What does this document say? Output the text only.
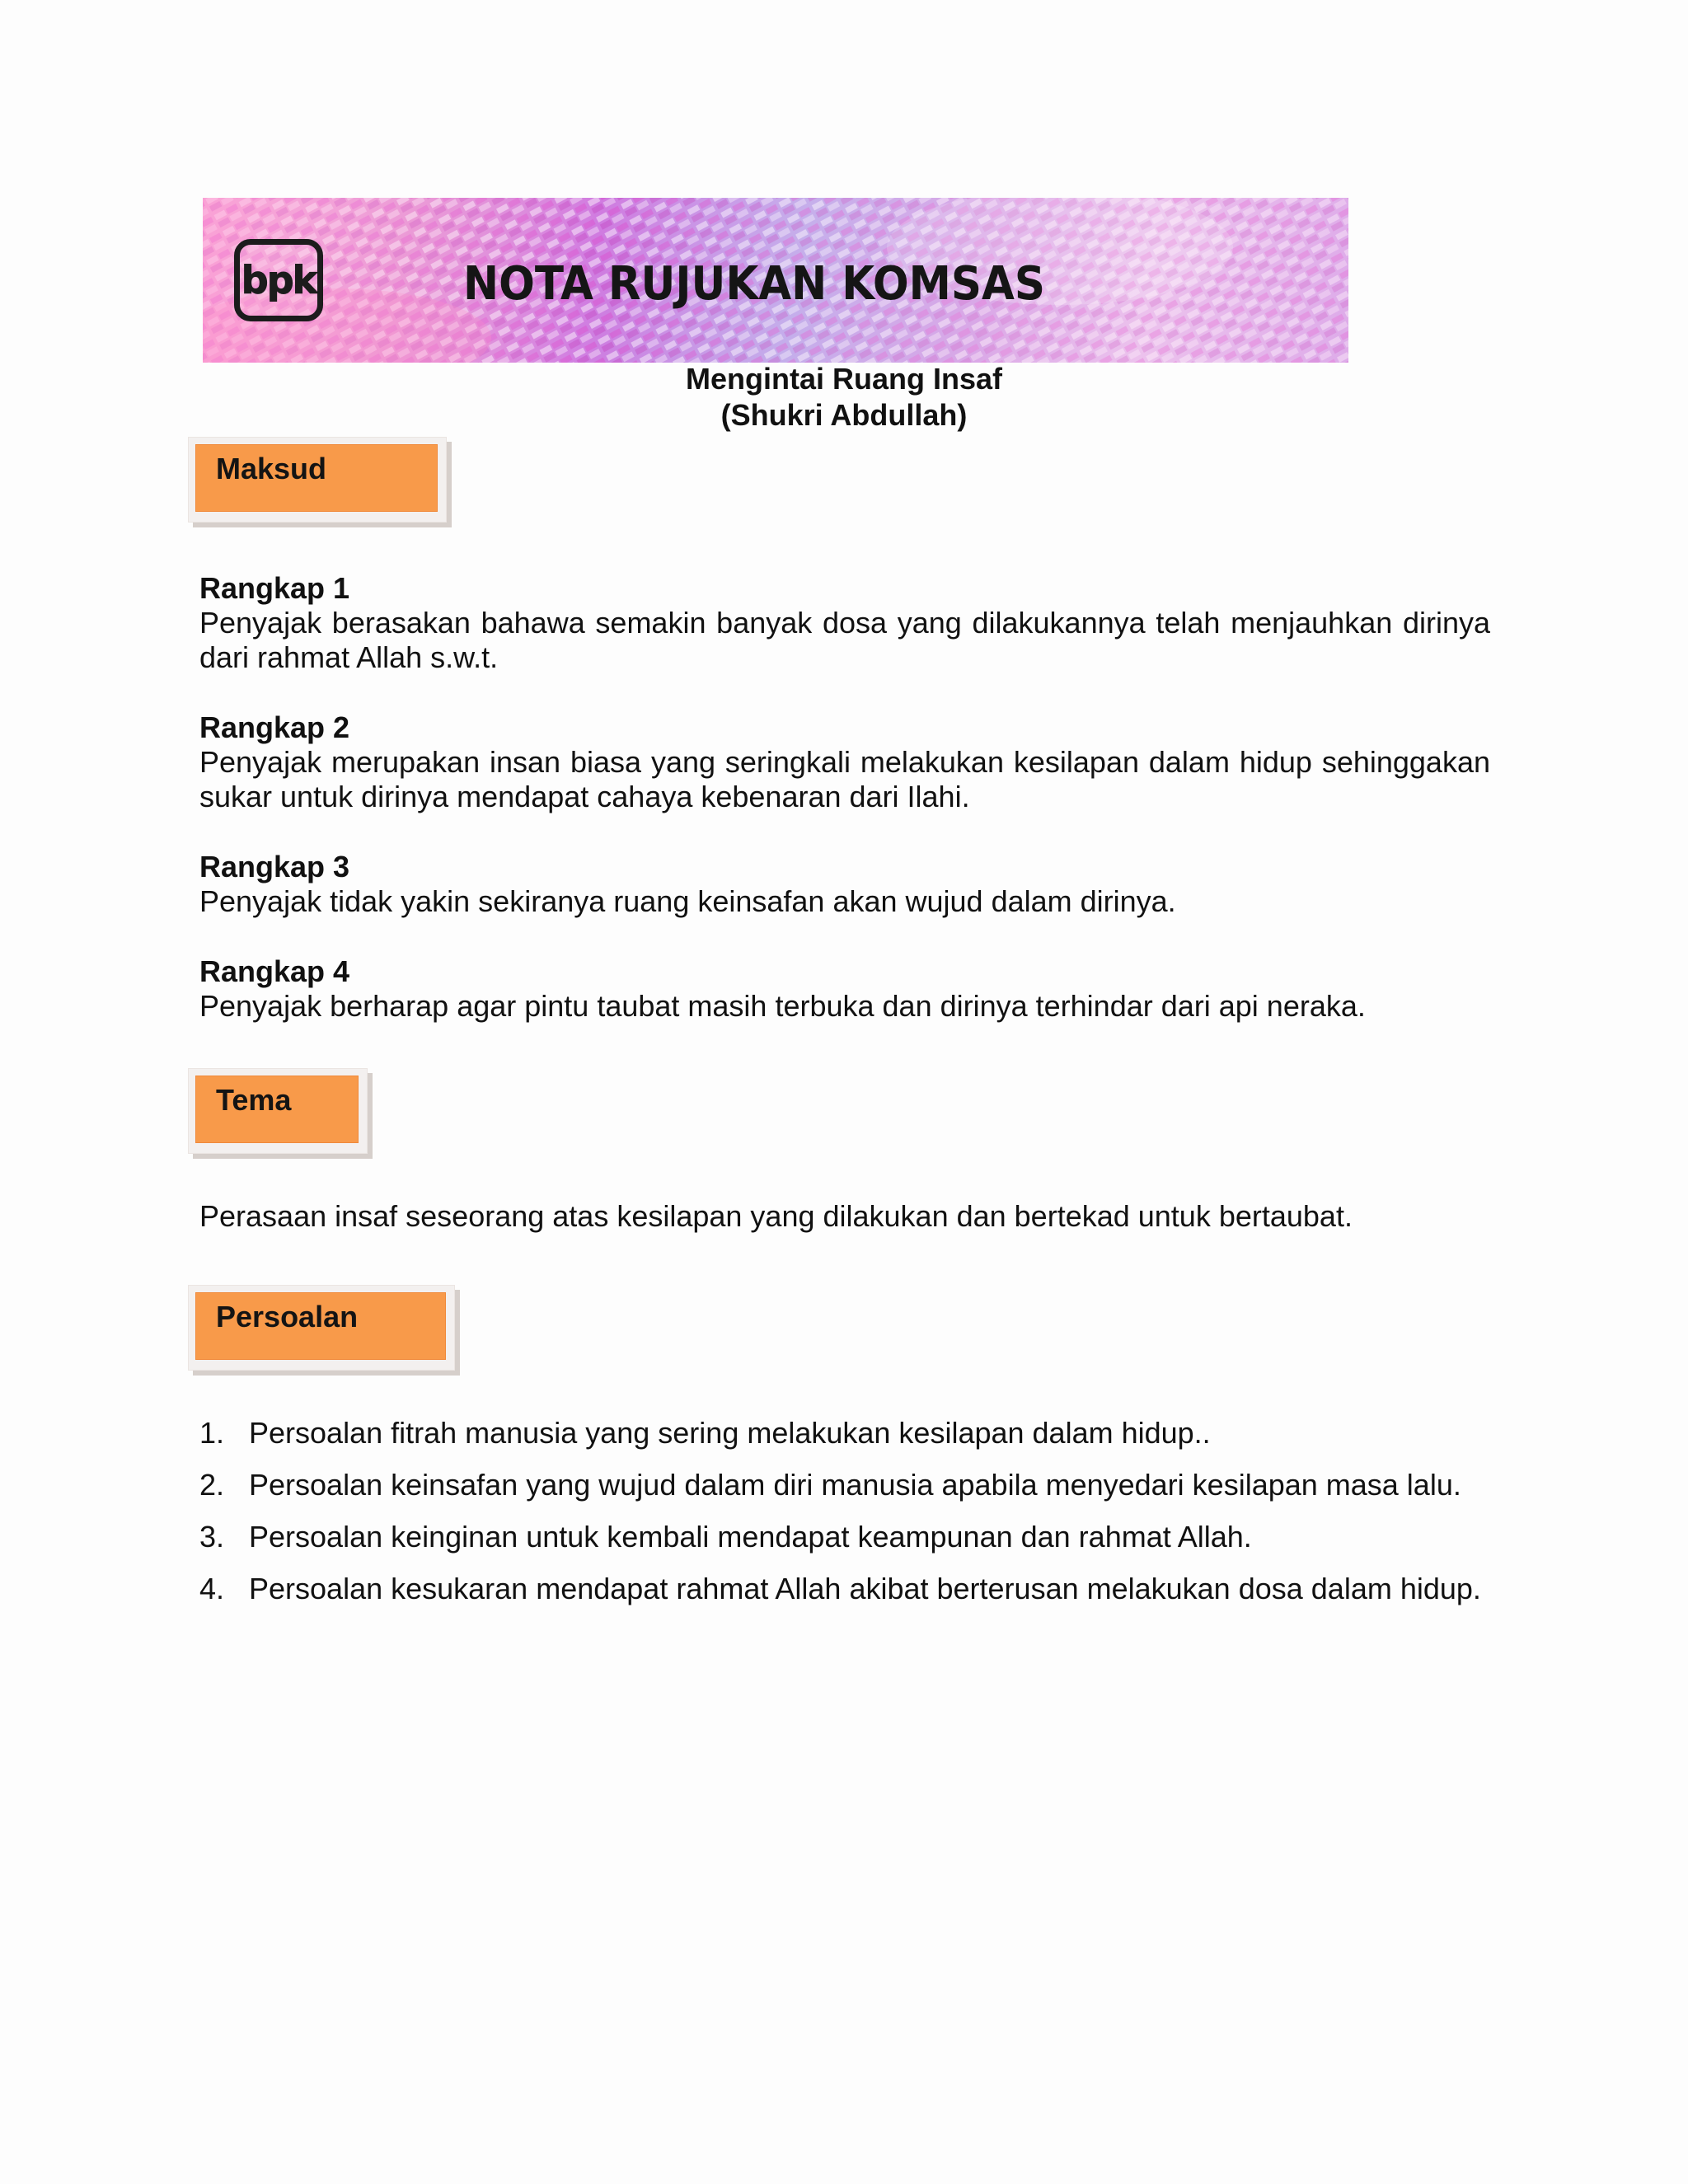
bpk	NOTA RUJUKAN KOMSAS
Mengintai Ruang Insaf
(Shukri Abdullah)
Maksud
Rangkap 1
Penyajak berasakan bahawa semakin banyak dosa yang dilakukannya telah menjauhkan dirinya dari rahmat Allah s.w.t.
Rangkap 2
Penyajak merupakan insan biasa yang seringkali melakukan kesilapan dalam hidup sehinggakan sukar untuk dirinya mendapat cahaya kebenaran dari Ilahi.
Rangkap 3
Penyajak tidak yakin sekiranya ruang keinsafan akan wujud dalam dirinya.
Rangkap 4
Penyajak berharap agar pintu taubat masih terbuka dan dirinya terhindar dari api neraka.
Tema
Perasaan insaf seseorang atas kesilapan yang dilakukan dan bertekad untuk bertaubat.
Persoalan
1. Persoalan fitrah manusia yang sering melakukan kesilapan dalam hidup..
2. Persoalan keinsafan yang wujud dalam diri manusia apabila menyedari kesilapan masa lalu.
3. Persoalan keinginan untuk kembali mendapat keampunan dan rahmat Allah.
4. Persoalan kesukaran mendapat rahmat Allah akibat berterusan melakukan dosa dalam hidup.
